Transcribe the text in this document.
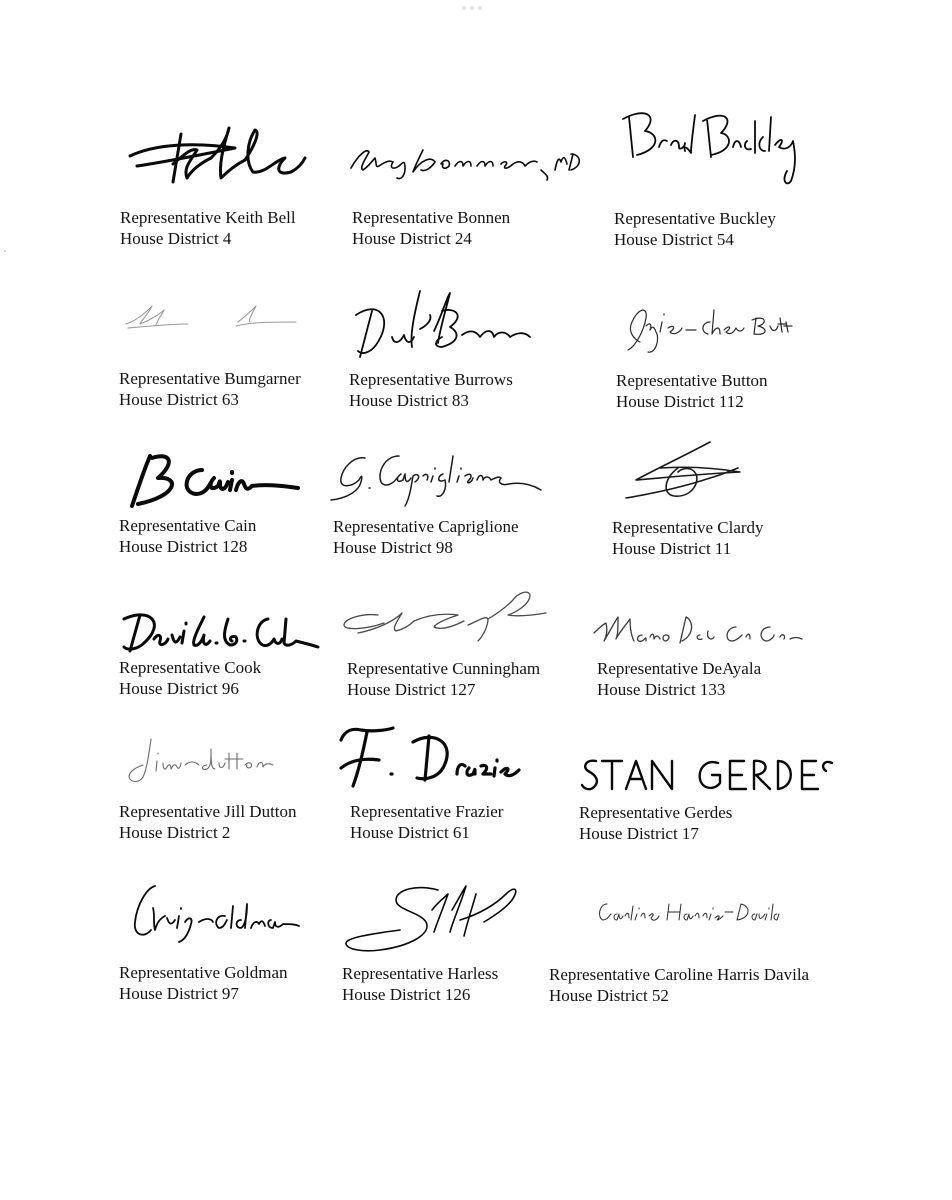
Representative Keith Bell
House District 4
Representative Bonnen
House District 24
Representative Buckley
House District 54
Representative Bumgarner
House District 63
Representative Burrows
House District 83
Representative Button
House District 112
Representative Cain
House District 128
Representative Capriglione
House District 98
Representative Clardy
House District 11
Representative Cook
House District 96
Representative Cunningham
House District 127
Representative DeAyala
House District 133
Representative Jill Dutton
House District 2
Representative Frazier
House District 61
Representative Gerdes
House District 17
Representative Goldman
House District 97
Representative Harless
House District 126
Representative Caroline Harris Davila
House District 52
